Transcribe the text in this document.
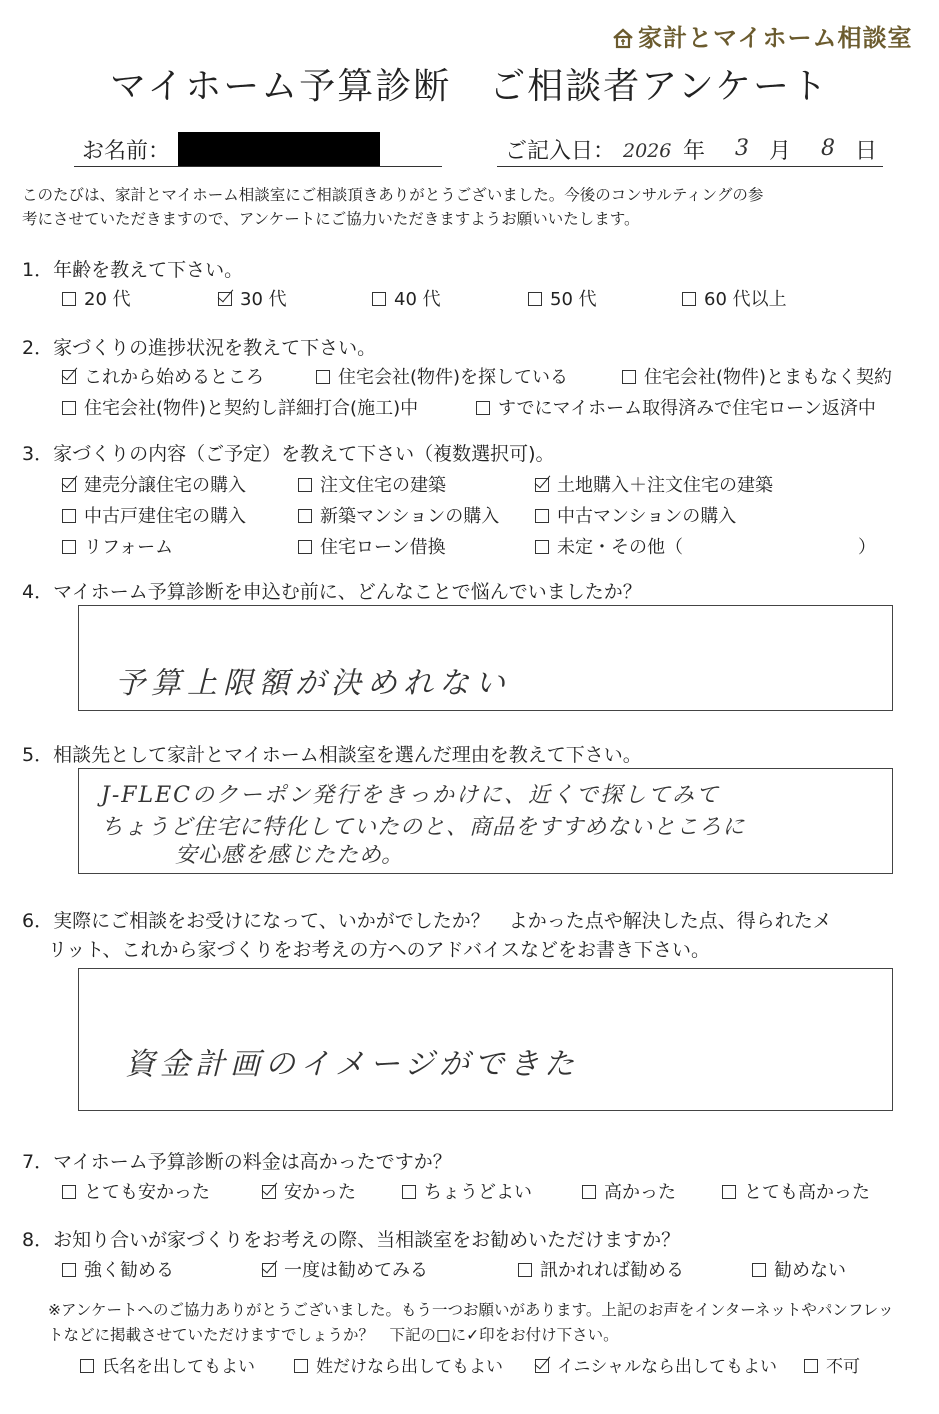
家計とマイホーム相談室
マイホーム予算診断　ご相談者アンケート
お名前：	ご記入日： 2026 年 3 月 8 日
このたびは、家計とマイホーム相談室にご相談頂きありがとうございました。今後のコンサルティングの参
考にさせていただきますので、アンケートにご協力いただきますようお願いいたします。
1．年齢を教えて下さい。
20 代	30 代	40 代	50 代	60 代以上
2．家づくりの進捗状況を教えて下さい。
これから始めるところ	住宅会社(物件)を探している	住宅会社(物件)とまもなく契約
住宅会社(物件)と契約し詳細打合(施工)中	すでにマイホーム取得済みで住宅ローン返済中
3．家づくりの内容（ご予定）を教えて下さい（複数選択可)。
建売分譲住宅の購入	注文住宅の建築	土地購入＋注文住宅の建築
中古戸建住宅の購入	新築マンションの購入	中古マンションの購入
リフォーム	住宅ローン借換	未定・その他（	）
4．マイホーム予算診断を申込む前に、どんなことで悩んでいましたか？
予算上限額が決めれない
5．相談先として家計とマイホーム相談室を選んだ理由を教えて下さい。
J-FLECのクーポン発行をきっかけに、近くで探してみて
ちょうど住宅に特化していたのと、商品をすすめないところに
安心感を感じたため。
6．実際にご相談をお受けになって、いかがでしたか？　よかった点や解決した点、得られたメ
リット、これから家づくりをお考えの方へのアドバイスなどをお書き下さい。
資金計画のイメージができた
7．マイホーム予算診断の料金は高かったですか？
とても安かった	安かった	ちょうどよい	高かった	とても高かった
8．お知り合いが家づくりをお考えの際、当相談室をお勧めいただけますか？
強く勧める	一度は勧めてみる	訊かれれば勧める	勧めない
※アンケートへのご協力ありがとうございました。もう一つお願いがあります。上記のお声をインターネットやパンフレットなどに掲載させていただけますでしょうか？　下記の□に✓印をお付け下さい。
氏名を出してもよい	姓だけなら出してもよい	イニシャルなら出してもよい	不可
